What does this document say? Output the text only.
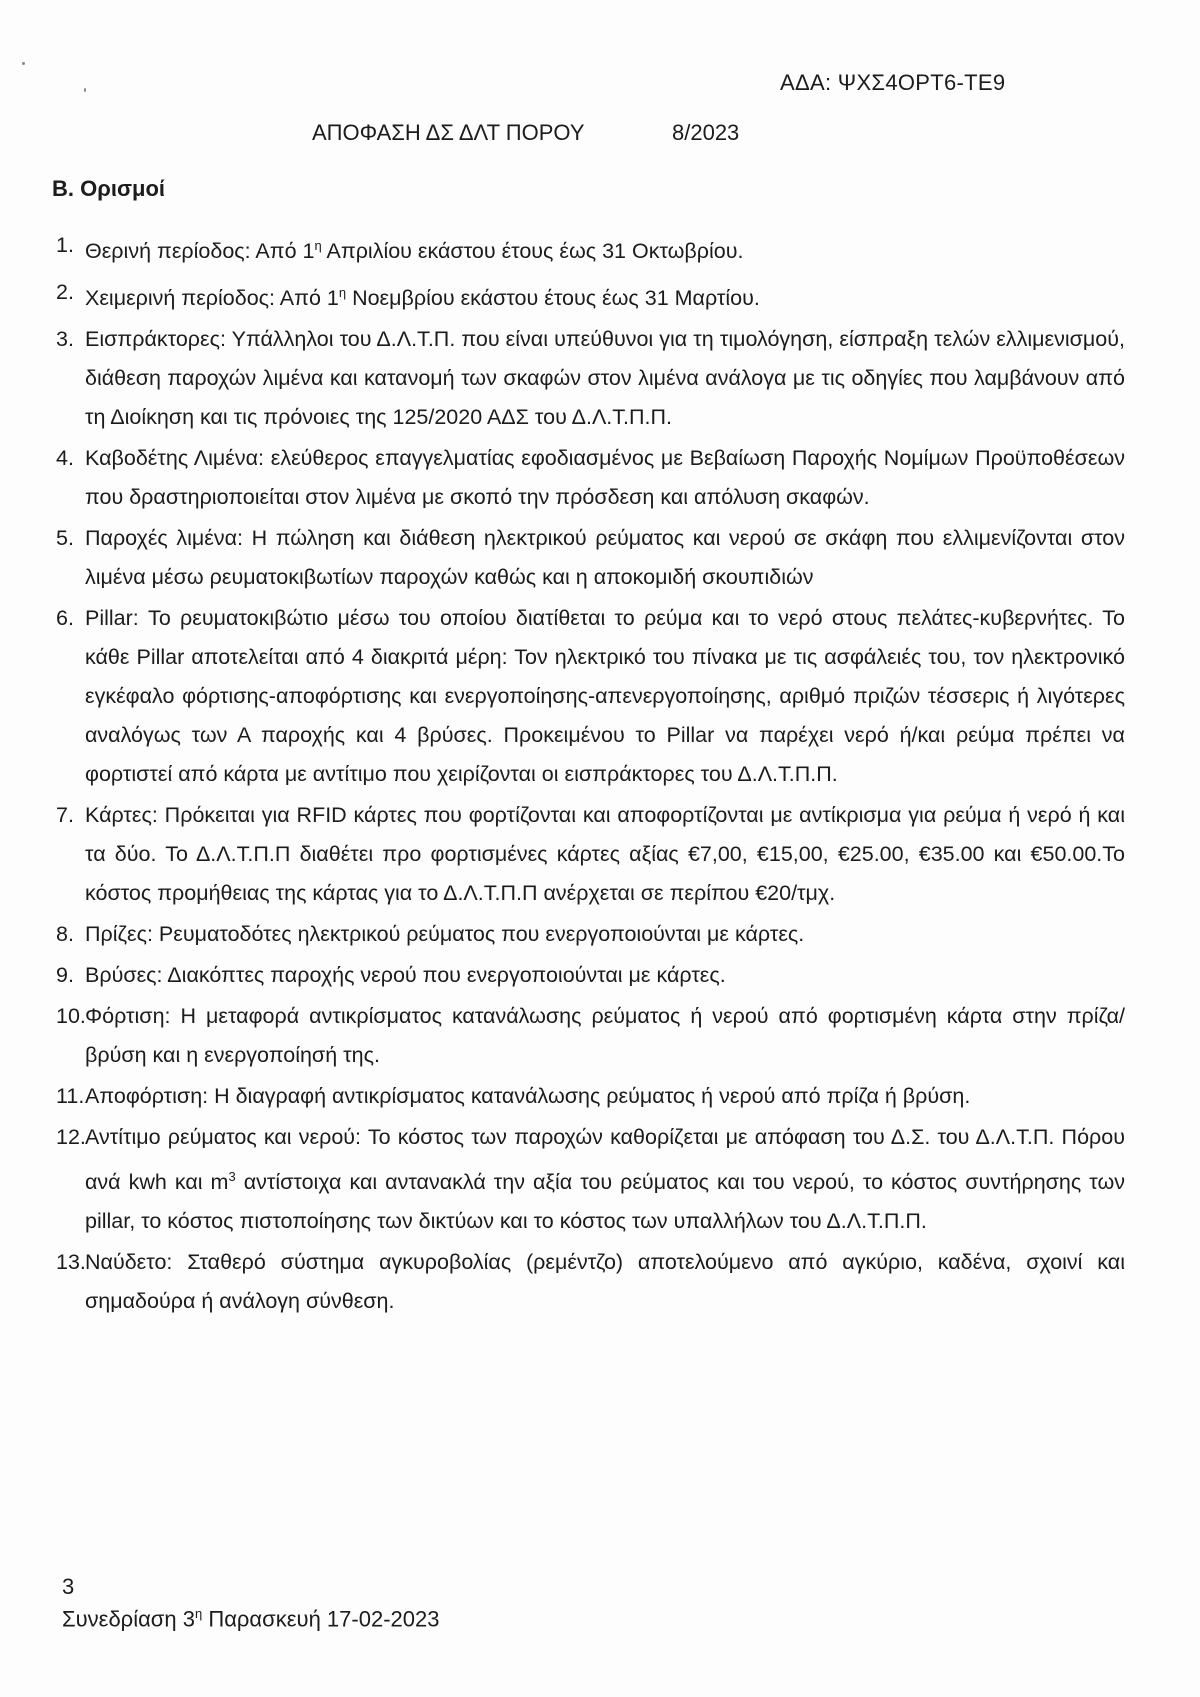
ΑΔΑ: ΨΧΣ4ΟΡΤ6-ΤΕ9
ΑΠΟΦΑΣΗ ΔΣ ΔΛΤ ΠΟΡΟΥ	8/2023
Β. Ορισμοί
1. Θερινή περίοδος: Από $1^\eta$ Απριλίου εκάστου έτους έως 31 Οκτωβρίου.
2. Χειμερινή περίοδος: Από $1^\eta$ Νοεμβρίου εκάστου έτους έως 31 Μαρτίου.
3. Εισπράκτορες: Υπάλληλοι του Δ.Λ.Τ.Π. που είναι υπεύθυνοι για τη τιμολόγηση, είσπραξη τελών ελλιμενισμού, διάθεση παροχών λιμένα και κατανομή των σκαφών στον λιμένα ανάλογα με τις οδηγίες που λαμβάνουν από τη Διοίκηση και τις πρόνοιες της 125/2020 ΑΔΣ του Δ.Λ.Τ.Π.Π.
4. Καβοδέτης Λιμένα: ελεύθερος επαγγελματίας εφοδιασμένος με Βεβαίωση Παροχής Νομίμων Προϋποθέσεων που δραστηριοποιείται στον λιμένα με σκοπό την πρόσδεση και απόλυση σκαφών.
5. Παροχές λιμένα: Η πώληση και διάθεση ηλεκτρικού ρεύματος και νερού σε σκάφη που ελλιμενίζονται στον λιμένα μέσω ρευματοκιβωτίων παροχών καθώς και η αποκομιδή σκουπιδιών
6. Pillar: Το ρευματοκιβώτιο μέσω του οποίου διατίθεται το ρεύμα και το νερό στους πελάτες-κυβερνήτες. Το κάθε Pillar αποτελείται από 4 διακριτά μέρη: Τον ηλεκτρικό του πίνακα με τις ασφάλειές του, τον ηλεκτρονικό εγκέφαλο φόρτισης-αποφόρτισης και ενεργοποίησης-απενεργοποίησης, αριθμό πριζών τέσσερις ή λιγότερες αναλόγως των Α παροχής και 4 βρύσες. Προκειμένου το Pillar να παρέχει νερό ή/και ρεύμα πρέπει να φορτιστεί από κάρτα με αντίτιμο που χειρίζονται οι εισπράκτορες του Δ.Λ.Τ.Π.Π.
7. Κάρτες: Πρόκειται για RFID κάρτες που φορτίζονται και αποφορτίζονται με αντίκρισμα για ρεύμα ή νερό ή και τα δύο. Το Δ.Λ.Τ.Π.Π διαθέτει προ φορτισμένες κάρτες αξίας €7,00, €15,00, €25.00, €35.00 και €50.00.Το κόστος προμήθειας της κάρτας για το Δ.Λ.Τ.Π.Π ανέρχεται σε περίπου €20/τμχ.
8. Πρίζες: Ρευματοδότες ηλεκτρικού ρεύματος που ενεργοποιούνται με κάρτες.
9. Βρύσες: Διακόπτες παροχής νερού που ενεργοποιούνται με κάρτες.
10. Φόρτιση: Η μεταφορά αντικρίσματος κατανάλωσης ρεύματος ή νερού από φορτισμένη κάρτα στην πρίζα/βρύση και η ενεργοποίησή της.
11. Αποφόρτιση: Η διαγραφή αντικρίσματος κατανάλωσης ρεύματος ή νερού από πρίζα ή βρύση.
12. Αντίτιμο ρεύματος και νερού: Το κόστος των παροχών καθορίζεται με απόφαση του Δ.Σ. του Δ.Λ.Τ.Π. Πόρου ανά kwh και $m^3$ αντίστοιχα και αντανακλά την αξία του ρεύματος και του νερού, το κόστος συντήρησης των pillar, το κόστος πιστοποίησης των δικτύων και το κόστος των υπαλλήλων του Δ.Λ.Τ.Π.Π.
13. Ναύδετο: Σταθερό σύστημα αγκυροβολίας (ρεμέντζο) αποτελούμενο από αγκύριο, καδένα, σχοινί και σημαδούρα ή ανάλογη σύνθεση.
3
Συνεδρίαση $3^\eta$ Παρασκευή 17-02-2023
